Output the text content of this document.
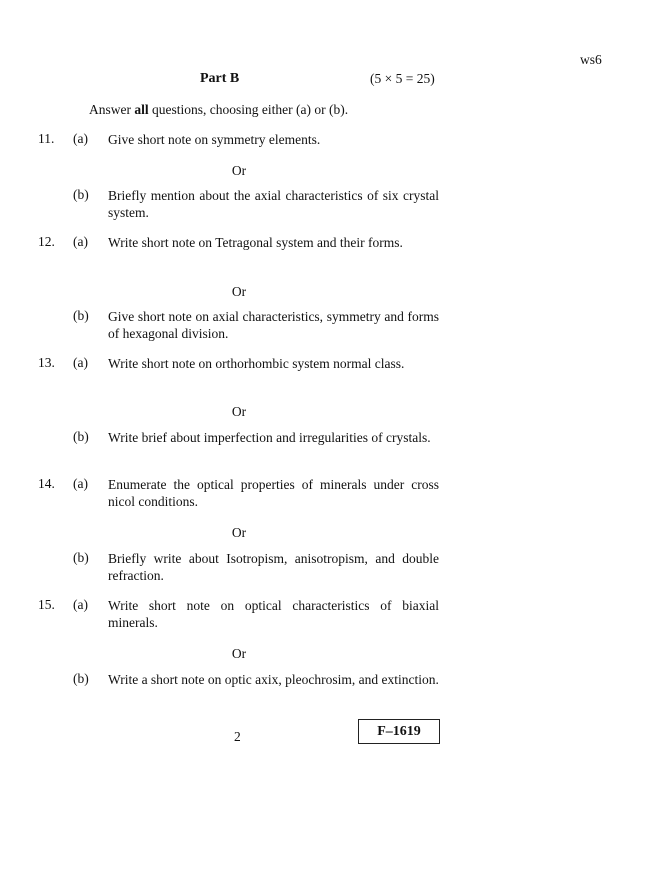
ws6
Part B	(5 × 5 = 25)
Answer all questions, choosing either (a) or (b).
11. (a) Give short note on symmetry elements.
Or
(b) Briefly mention about the axial characteristics of six crystal system.
12. (a) Write short note on Tetragonal system and their forms.
Or
(b) Give short note on axial characteristics, symmetry and forms of hexagonal division.
13. (a) Write short note on orthorhombic system normal class.
Or
(b) Write brief about imperfection and irregularities of crystals.
14. (a) Enumerate the optical properties of minerals under cross nicol conditions.
Or
(b) Briefly write about Isotropism, anisotropism, and double refraction.
15. (a) Write short note on optical characteristics of biaxial minerals.
Or
(b) Write a short note on optic axix, pleochrosim, and extinction.
2	F–1619
